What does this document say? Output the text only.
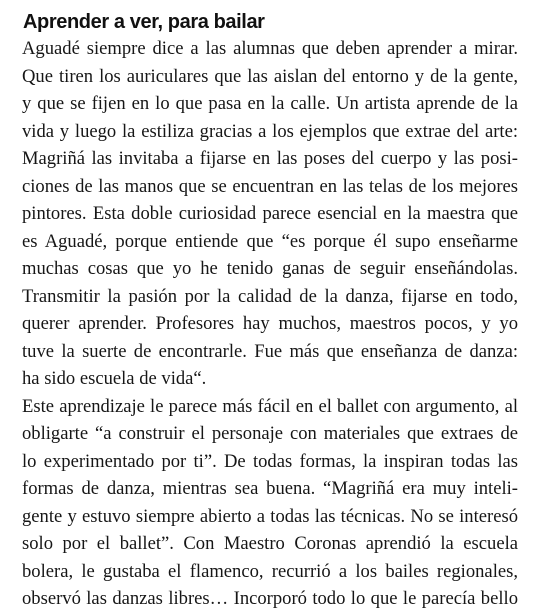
Aprender a ver, para bailar
Aguadé siempre dice a las alumnas que deben aprender a mirar.
Que tiren los auriculares que las aislan del entorno y de la gente,
y que se fijen en lo que pasa en la calle. Un artista aprende de la
vida y luego la estiliza gracias a los ejemplos que extrae del arte:
Magriñá las invitaba a fijarse en las poses del cuerpo y las posi-
ciones de las manos que se encuentran en las telas de los mejores
pintores. Esta doble curiosidad parece esencial en la maestra que
es Aguadé, porque entiende que “es porque él supo enseñarme
muchas cosas que yo he tenido ganas de seguir enseñándolas.
Transmitir la pasión por la calidad de la danza, fijarse en todo,
querer aprender. Profesores hay muchos, maestros pocos, y yo
tuve la suerte de encontrarle. Fue más que enseñanza de danza:
ha sido escuela de vida“.
Este aprendizaje le parece más fácil en el ballet con argumento, al
obligarte “a construir el personaje con materiales que extraes de
lo experimentado por ti”. De todas formas, la inspiran todas las
formas de danza, mientras sea buena. “Magriñá era muy inteli-
gente y estuvo siempre abierto a todas las técnicas. No se interesó
solo por el ballet”. Con Maestro Coronas aprendió la escuela
bolera, le gustaba el flamenco, recurrió a los bailes regionales,
observó las danzas libres… Incorporó todo lo que le parecía bello
